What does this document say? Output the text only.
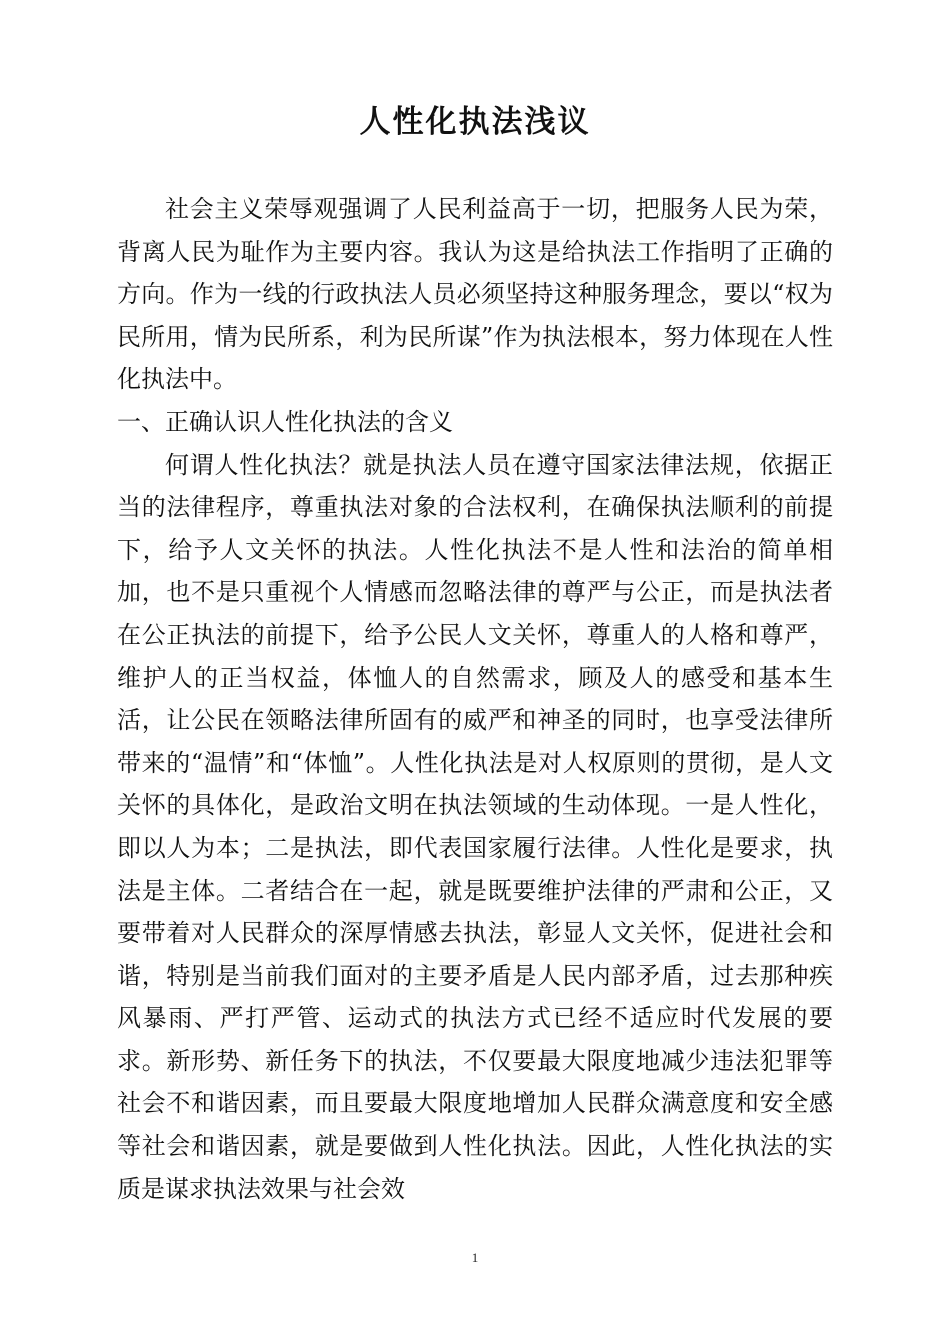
人性化执法浅议

社会主义荣辱观强调了人民利益高于一切，把服务人民为荣，背离人民为耻作为主要内容。我认为这是给执法工作指明了正确的方向。作为一线的行政执法人员必须坚持这种服务理念，要以“权为民所用，情为民所系，利为民所谋”作为执法根本，努力体现在人性化执法中。

一、正确认识人性化执法的含义

何谓人性化执法？就是执法人员在遵守国家法律法规，依据正当的法律程序，尊重执法对象的合法权利，在确保执法顺利的前提下，给予人文关怀的执法。人性化执法不是人性和法治的简单相加，也不是只重视个人情感而忽略法律的尊严与公正，而是执法者在公正执法的前提下，给予公民人文关怀，尊重人的人格和尊严，维护人的正当权益，体恤人的自然需求，顾及人的感受和基本生活，让公民在领略法律所固有的威严和神圣的同时，也享受法律所带来的“温情”和“体恤”。人性化执法是对人权原则的贯彻，是人文关怀的具体化，是政治文明在执法领域的生动体现。一是人性化，即以人为本；二是执法，即代表国家履行法律。人性化是要求，执法是主体。二者结合在一起，就是既要维护法律的严肃和公正，又要带着对人民群众的深厚情感去执法，彰显人文关怀，促进社会和谐，特别是当前我们面对的主要矛盾是人民内部矛盾，过去那种疾风暴雨、严打严管、运动式的执法方式已经不适应时代发展的要求。新形势、新任务下的执法，不仅要最大限度地减少违法犯罪等社会不和谐因素，而且要最大限度地增加人民群众满意度和安全感等社会和谐因素，就是要做到人性化执法。因此，人性化执法的实质是谋求执法效果与社会效

1
